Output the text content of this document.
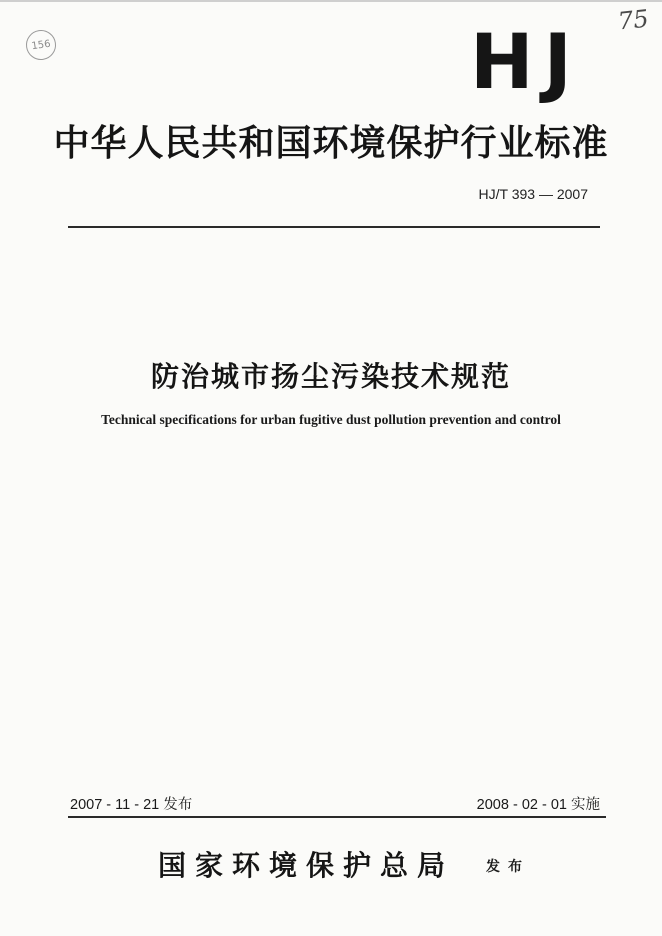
156
75
HJ
中华人民共和国环境保护行业标准
HJ/T 393 — 2007
防治城市扬尘污染技术规范
Technical specifications for urban fugitive dust pollution prevention and control
2007 - 11 - 21 发布	2008 - 02 - 01 实施
国家环境保护总局 发布
